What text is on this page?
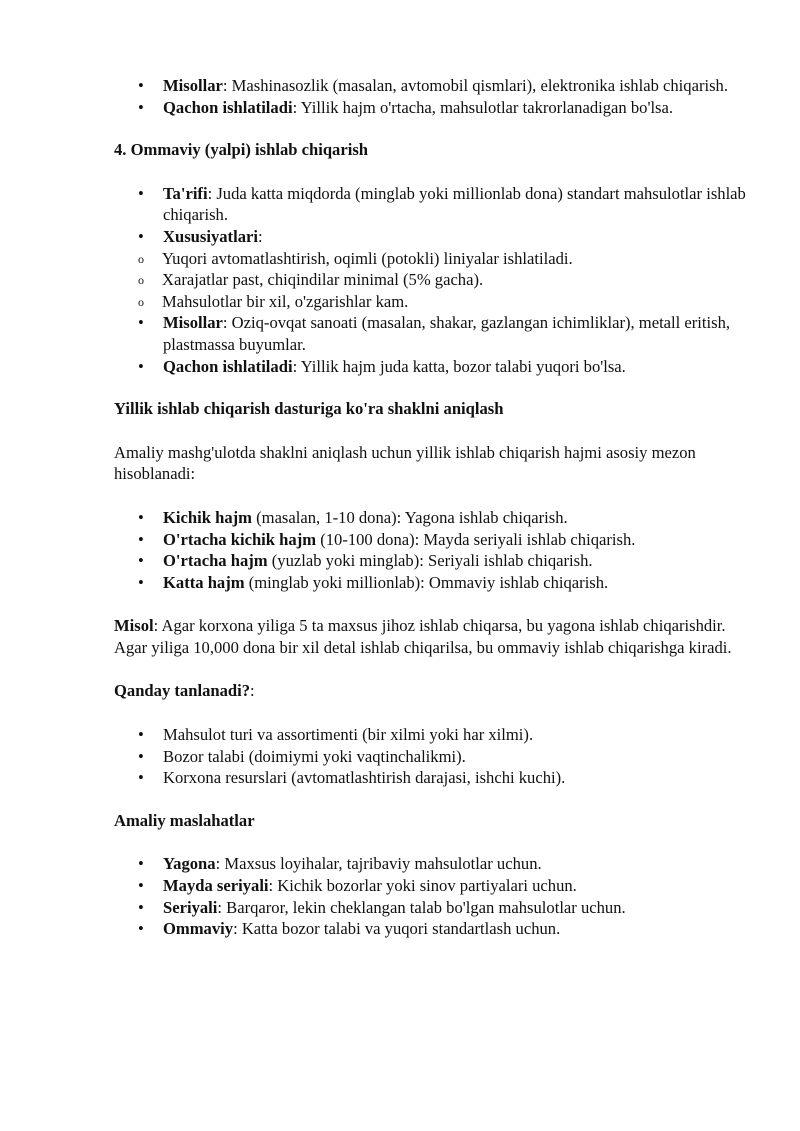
• Misollar: Mashinasozlik (masalan, avtomobil qismlari), elektronika ishlab chiqarish.
• Qachon ishlatiladi: Yillik hajm o'rtacha, mahsulotlar takrorlanadigan bo'lsa.
4. Ommaviy (yalpi) ishlab chiqarish
• Ta'rifi: Juda katta miqdorda (minglab yoki millionlab dona) standart mahsulotlar ishlab chiqarish.
• Xususiyatlari:
o Yuqori avtomatlashtirish, oqimli (potokli) liniyalar ishlatiladi.
o Xarajatlar past, chiqindilar minimal (5% gacha).
o Mahsulotlar bir xil, o'zgarishlar kam.
• Misollar: Oziq-ovqat sanoati (masalan, shakar, gazlangan ichimliklar), metall eritish, plastmassa buyumlar.
• Qachon ishlatiladi: Yillik hajm juda katta, bozor talabi yuqori bo'lsa.
Yillik ishlab chiqarish dasturiga ko'ra shaklni aniqlash

Amaliy mashg'ulotda shaklni aniqlash uchun yillik ishlab chiqarish hajmi asosiy mezon hisoblanadi:

• Kichik hajm (masalan, 1-10 dona): Yagona ishlab chiqarish.
• O'rtacha kichik hajm (10-100 dona): Mayda seriyali ishlab chiqarish.
• O'rtacha hajm (yuzlab yoki minglab): Seriyali ishlab chiqarish.
• Katta hajm (minglab yoki millionlab): Ommaviy ishlab chiqarish.

Misol: Agar korxona yiliga 5 ta maxsus jihoz ishlab chiqarsa, bu yagona ishlab chiqarishdir. Agar yiliga 10,000 dona bir xil detal ishlab chiqarilsa, bu ommaviy ishlab chiqarishga kiradi.

Qanday tanlanadi?:

• Mahsulot turi va assortimenti (bir xilmi yoki har xilmi).
• Bozor talabi (doimiymi yoki vaqtinchalikmi).
• Korxona resurslari (avtomatlashtirish darajasi, ishchi kuchi).
Amaliy maslahatlar
• Yagona: Maxsus loyihalar, tajribaviy mahsulotlar uchun.
• Mayda seriyali: Kichik bozorlar yoki sinov partiyalari uchun.
• Seriyali: Barqaror, lekin cheklangan talab bo'lgan mahsulotlar uchun.
• Ommaviy: Katta bozor talabi va yuqori standartlash uchun.
